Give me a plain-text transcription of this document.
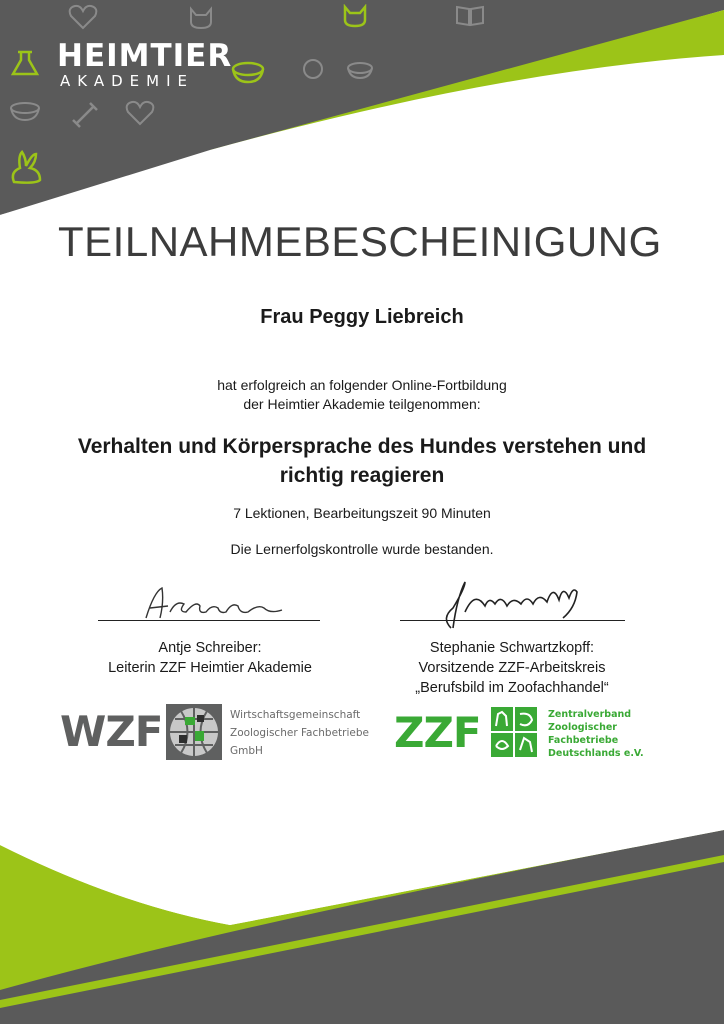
HEIMTIER
AKADEMIE
TEILNAHMEBESCHEINIGUNG
Frau Peggy Liebreich
hat erfolgreich an folgender Online-Fortbildung
der Heimtier Akademie teilgenommen:
Verhalten und Körpersprache des Hundes verstehen und
richtig reagieren
7 Lektionen, Bearbeitungszeit 90 Minuten
Die Lernerfolgskontrolle wurde bestanden.
Antje Schreiber:
Leiterin ZZF Heimtier Akademie
Stephanie Schwartzkopff:
Vorsitzende ZZF-Arbeitskreis
„Berufsbild im Zoofachhandel“
WZF	Wirtschaftsgemeinschaft
Zoologischer Fachbetriebe
GmbH	ZZF	Zentralverband
Zoologischer
Fachbetriebe
Deutschlands e.V.
